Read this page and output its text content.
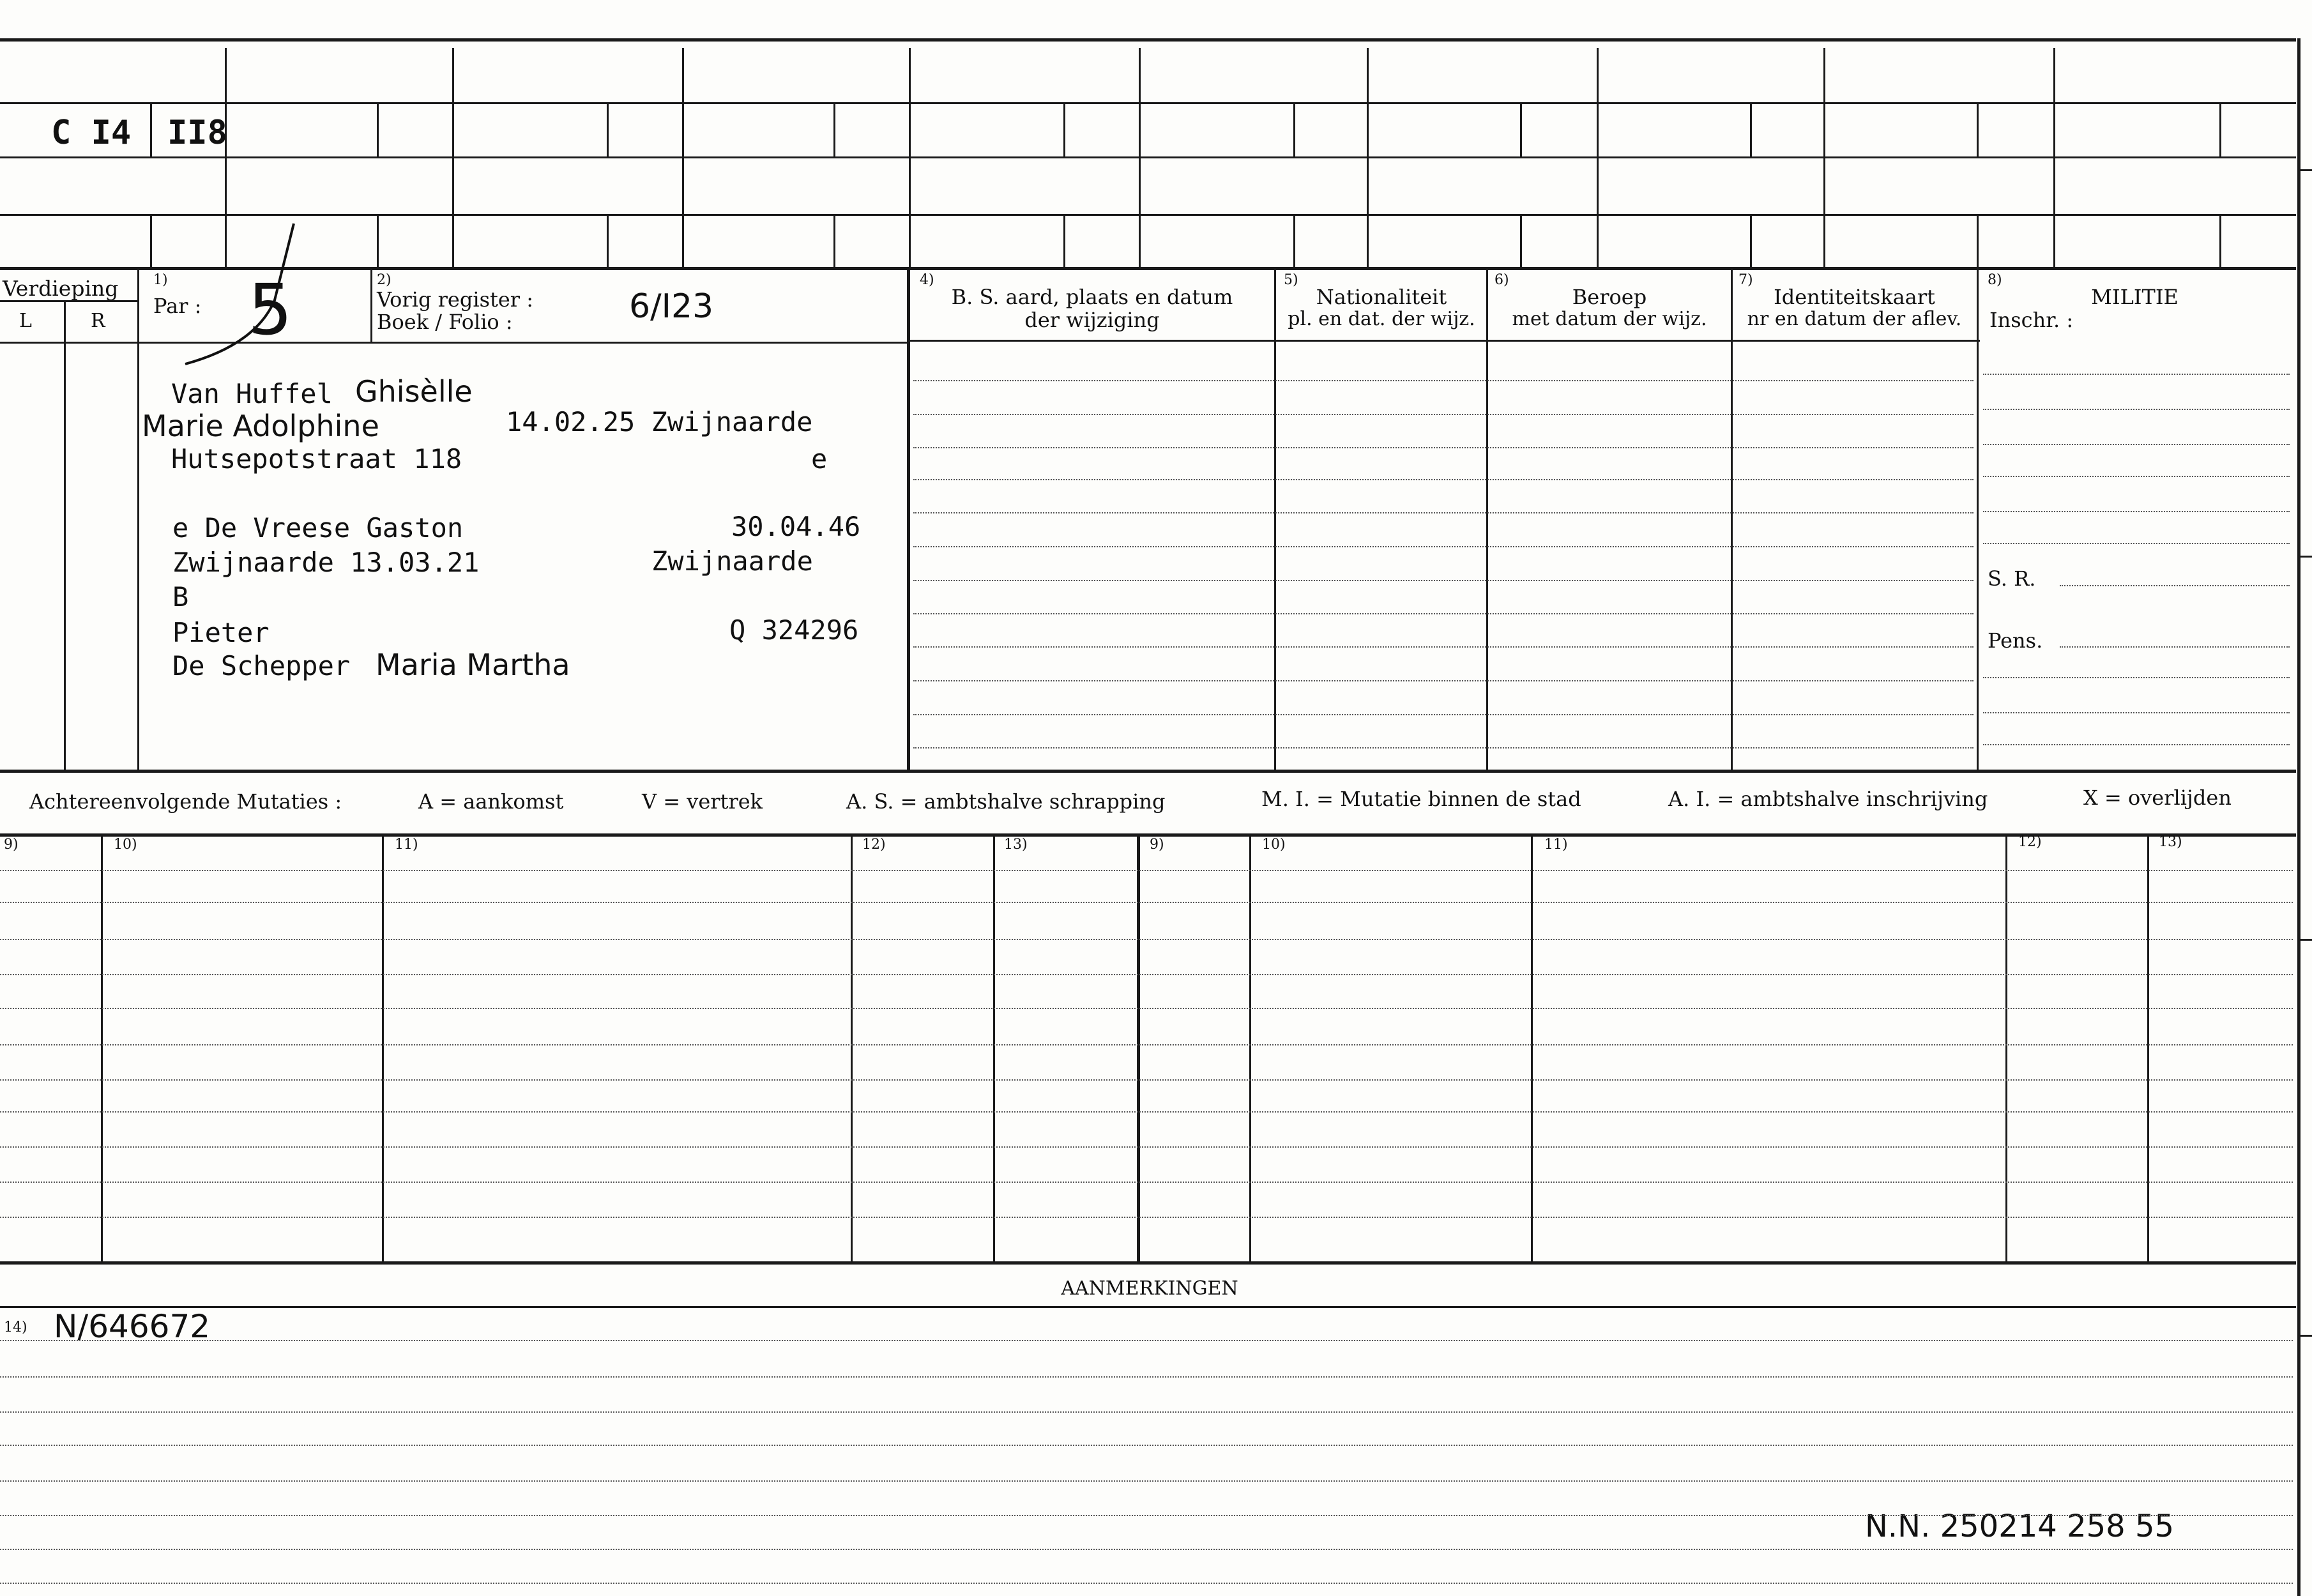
C I4 II8
Verdieping
L	R
1)
Par : 5	2)
Vorig register :
Boek / Folio :	6/I23
4)
B. S. aard, plaats en datum
der wijziging
5)
Nationaliteit
pl. en dat. der wijz.
6)
Beroep
met datum der wijz.
7)
Identiteitskaart
nr en datum der aflev.
8)
MILITIE
Inschr. :
S. R.
Pens.
Van Huffel Ghisèlle
Marie Adolphine	14.02.25 Zwijnaarde
Hutsepotstraat 118	e
e De Vreese Gaston	30.04.46
Zwijnaarde 13.03.21	Zwijnaarde
B
Pieter	Q 324296
De Schepper Maria Martha
Achtereenvolgende Mutaties :	A = aankomst	V = vertrek	A. S. = ambtshalve schrapping	M. I. = Mutatie binnen de stad	A. I. = ambtshalve inschrijving	X = overlijden
9)	10)	11)	12)	13)	9)	10)	11)	12)	13)
AANMERKINGEN
14) N/646672
N.N. 250214 258 55
